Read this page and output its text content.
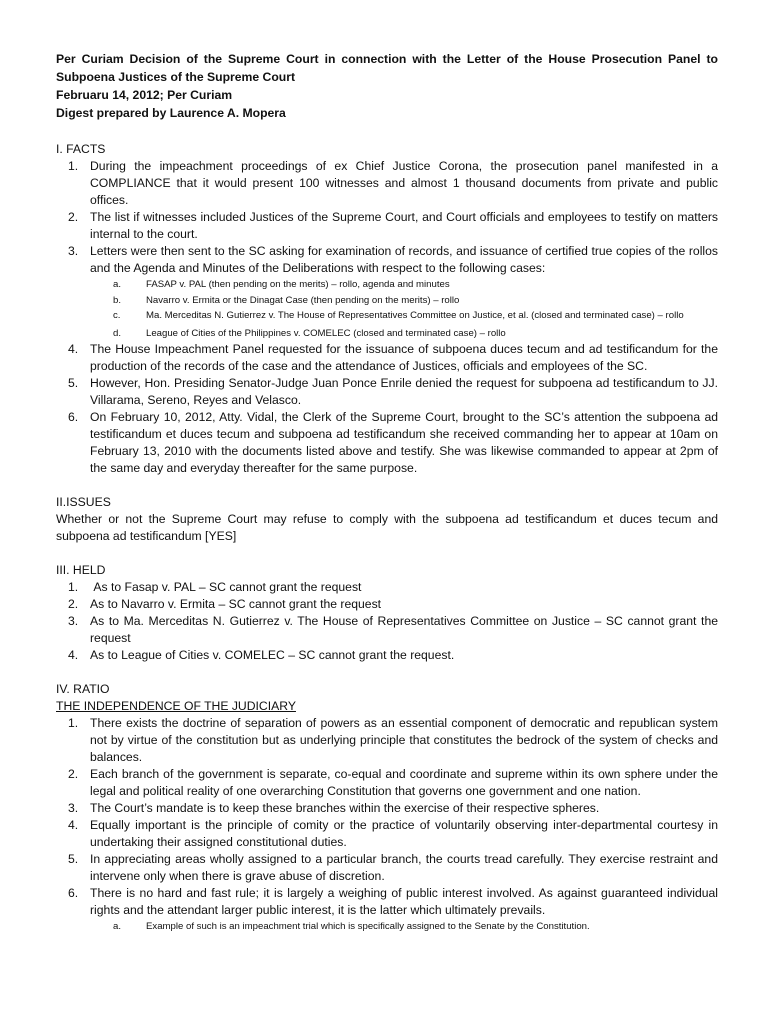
Per Curiam Decision of the Supreme Court in connection with the Letter of the House Prosecution Panel to
Subpoena Justices of the Supreme Court
Februaru 14, 2012; Per Curiam
Digest prepared by Laurence A. Mopera
I. FACTS
1. During the impeachment proceedings of ex Chief Justice Corona, the prosecution panel manifested in a COMPLIANCE that it would present 100 witnesses and almost 1 thousand documents from private and public offices.
2. The list if witnesses included Justices of the Supreme Court, and Court officials and employees to testify on matters internal to the court.
3. Letters were then sent to the SC asking for examination of records, and issuance of certified true copies of the rollos and the Agenda and Minutes of the Deliberations with respect to the following cases:
a.	FASAP v. PAL (then pending on the merits) – rollo, agenda and minutes
b.	Navarro v. Ermita or the Dinagat Case (then pending on the merits) – rollo
c.	Ma. Merceditas N. Gutierrez v. The House of Representatives Committee on Justice, et al. (closed and terminated case) – rollo
d.	League of Cities of the Philippines v. COMELEC (closed and terminated case) – rollo
4. The House Impeachment Panel requested for the issuance of subpoena duces tecum and ad testificandum for the production of the records of the case and the attendance of Justices, officials and employees of the SC.
5. However, Hon. Presiding Senator-Judge Juan Ponce Enrile denied the request for subpoena ad testificandum to JJ. Villarama, Sereno, Reyes and Velasco.
6. On February 10, 2012, Atty. Vidal, the Clerk of the Supreme Court, brought to the SC’s attention the subpoena ad testificandum et duces tecum and subpoena ad testificandum she received commanding her to appear at 10am on February 13, 2010 with the documents listed above and testify. She was likewise commanded to appear at 2pm of the same day and everyday thereafter for the same purpose.
II.ISSUES
Whether or not the Supreme Court may refuse to comply with the subpoena ad testificandum et duces tecum and subpoena ad testificandum [YES]
III. HELD
1. As to Fasap v. PAL – SC cannot grant the request
2. As to Navarro v. Ermita – SC cannot grant the request
3. As to Ma. Merceditas N. Gutierrez v. The House of Representatives Committee on Justice – SC cannot grant the request
4. As to League of Cities v. COMELEC – SC cannot grant the request.
IV. RATIO
THE INDEPENDENCE OF THE JUDICIARY
1. There exists the doctrine of separation of powers as an essential component of democratic and republican system not by virtue of the constitution but as underlying principle that constitutes the bedrock of the system of checks and balances.
2. Each branch of the government is separate, co-equal and coordinate and supreme within its own sphere under the legal and political reality of one overarching Constitution that governs one government and one nation.
3. The Court’s mandate is to keep these branches within the exercise of their respective spheres.
4. Equally important is the principle of comity or the practice of voluntarily observing inter-departmental courtesy in undertaking their assigned constitutional duties.
5. In appreciating areas wholly assigned to a particular branch, the courts tread carefully. They exercise restraint and intervene only when there is grave abuse of discretion.
6. There is no hard and fast rule; it is largely a weighing of public interest involved. As against guaranteed individual rights and the attendant larger public interest, it is the latter which ultimately prevails.
a.	Example of such is an impeachment trial which is specifically assigned to the Senate by the Constitution.
